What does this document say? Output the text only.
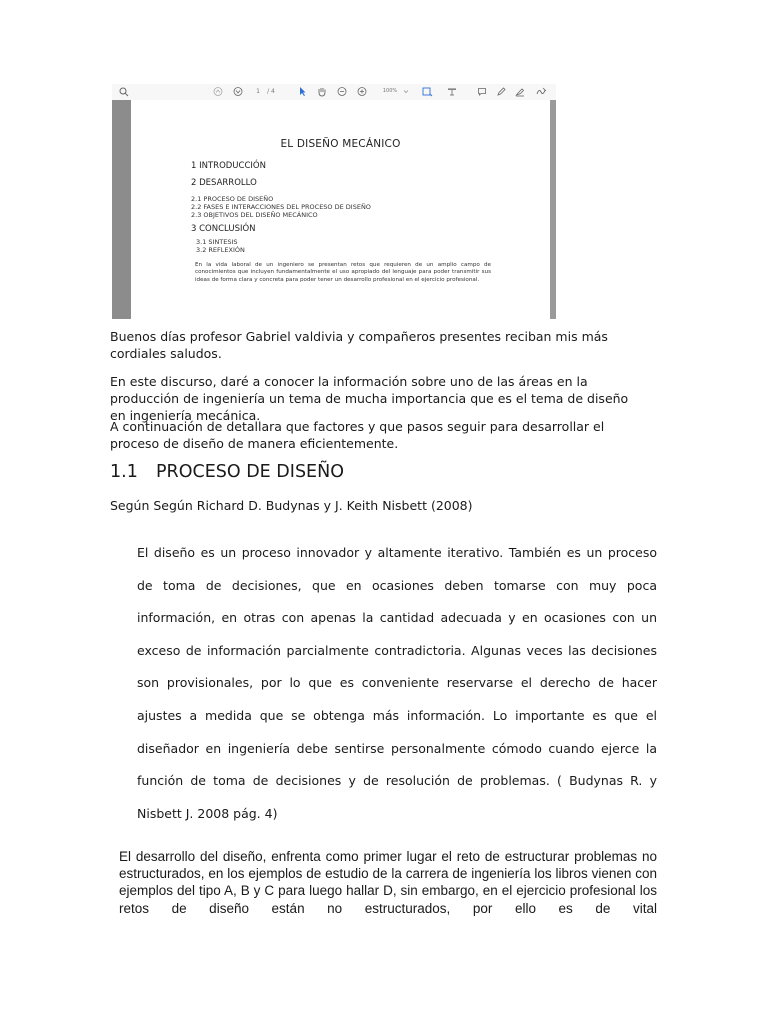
1	/ 4	100%
EL DISEÑO MECÁNICO
1 INTRODUCCIÓN
2 DESARROLLO
2.1 PROCESO DE DISEÑO
2.2 FASES E INTERACCIONES DEL PROCESO DE DISEÑO
2.3 OBJETIVOS DEL DISEÑO MECÁNICO
3 CONCLUSIÓN
3.1 SINTESIS
3.2 REFLEXIÓN
En la vida laboral de un ingeniero se presentan retos que requieren de un amplio campo de conocimientos que incluyen fundamentalmente el uso apropiado del lenguaje para poder transmitir sus ideas de forma clara y concreta para poder tener un desarrollo profesional en el ejercicio profesional.

Buenos días profesor Gabriel valdivia y compañeros presentes reciban mis más cordiales saludos.

En este discurso, daré a conocer la información sobre uno de las áreas en la producción de ingeniería un tema de mucha importancia que es el tema de diseño en ingeniería mecánica.

A continuación de detallara que factores y que pasos seguir para desarrollar el proceso de diseño de manera eficientemente.

1.1 PROCESO DE DISEÑO

Según Según Richard D. Budynas y J. Keith Nisbett (2008)

El diseño es un proceso innovador y altamente iterativo. También es un proceso de toma de decisiones, que en ocasiones deben tomarse con muy poca información, en otras con apenas la cantidad adecuada y en ocasiones con un exceso de información parcialmente contradictoria. Algunas veces las decisiones son provisionales, por lo que es conveniente reservarse el derecho de hacer ajustes a medida que se obtenga más información. Lo importante es que el diseñador en ingeniería debe sentirse personalmente cómodo cuando ejerce la función de toma de decisiones y de resolución de problemas. ( Budynas R. y Nisbett J. 2008 pág. 4)

El desarrollo del diseño, enfrenta como primer lugar el reto de estructurar problemas no estructurados, en los ejemplos de estudio de la carrera de ingeniería los libros vienen con ejemplos del tipo A, B y C para luego hallar D, sin embargo, en el ejercicio profesional los retos de diseño están no estructurados, por ello es de vital
